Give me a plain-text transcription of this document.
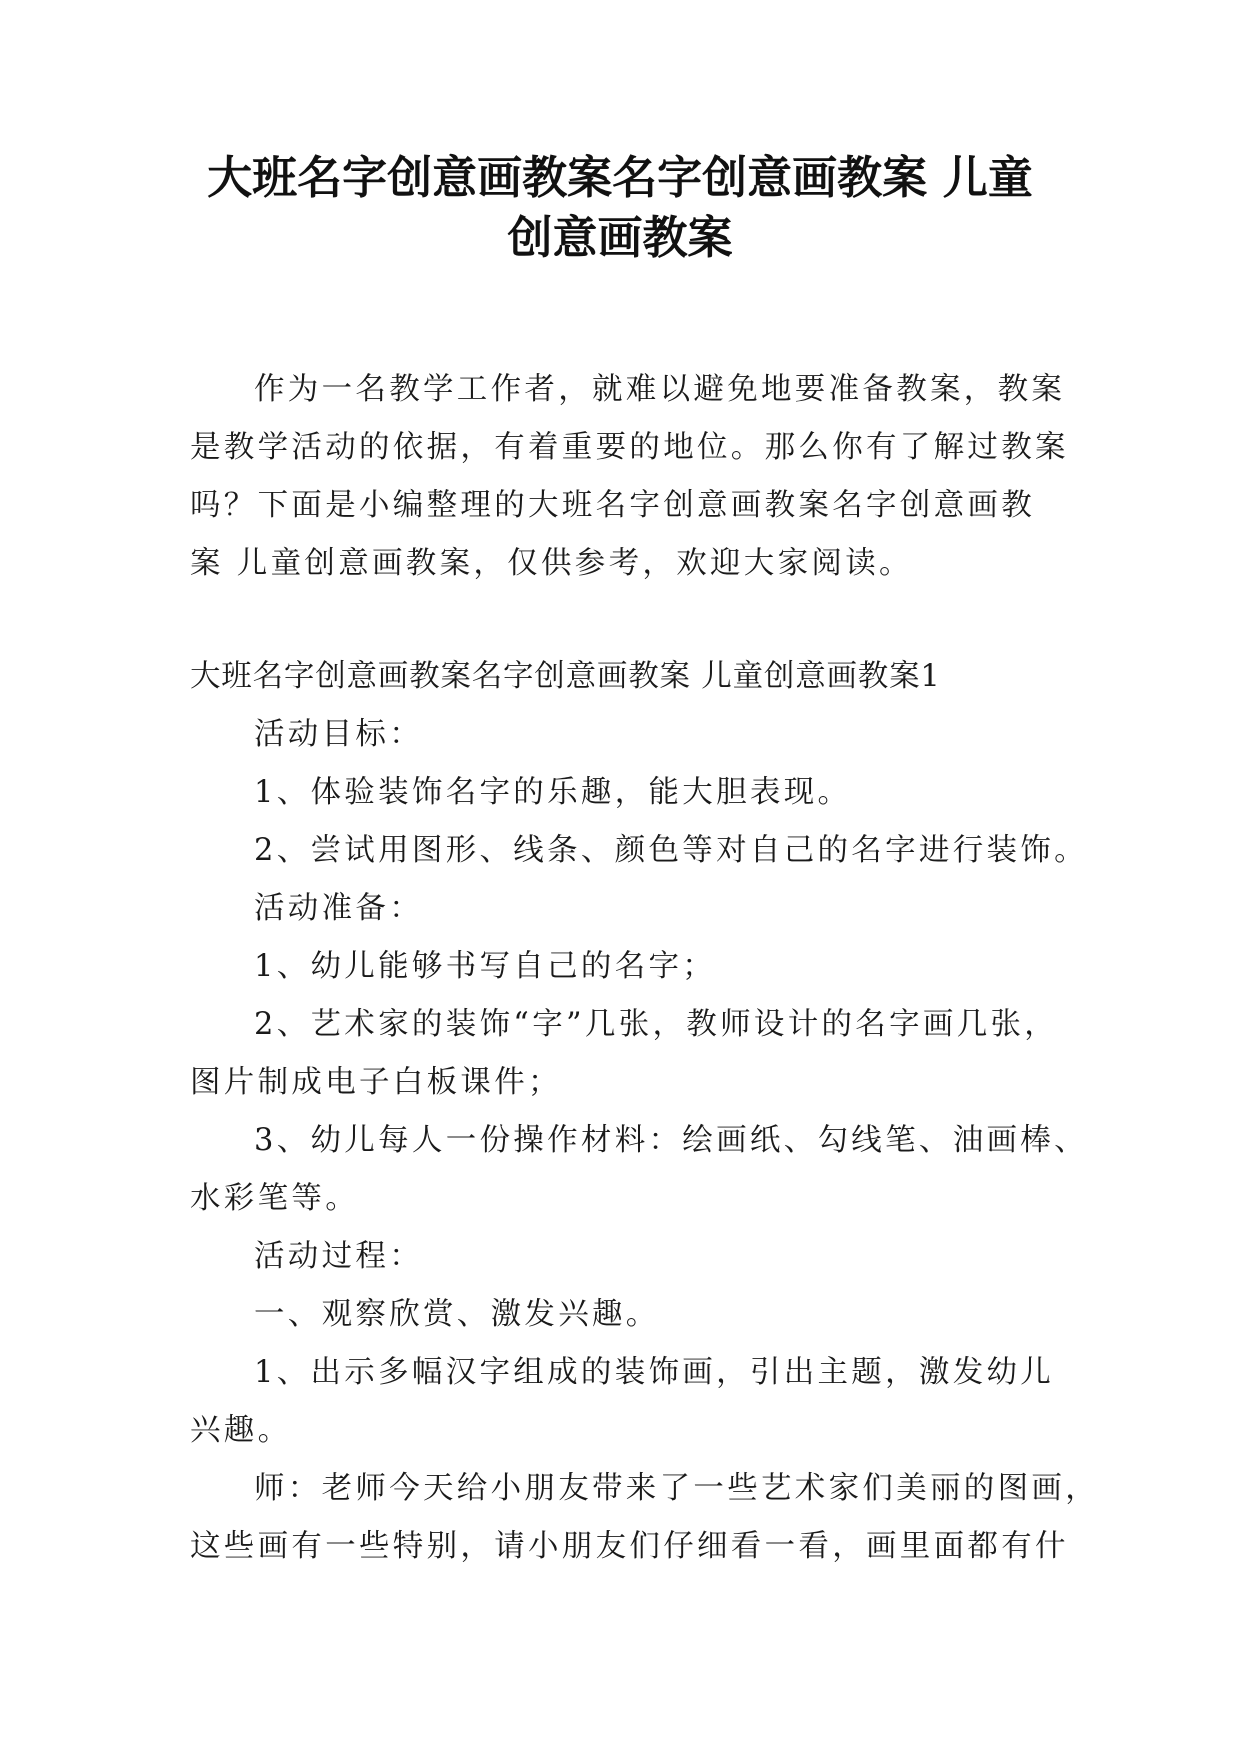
大班名字创意画教案名字创意画教案 儿童
创意画教案

作为一名教学工作者，就难以避免地要准备教案，教案
是教学活动的依据，有着重要的地位。那么你有了解过教案
吗？下面是小编整理的大班名字创意画教案名字创意画教
案 儿童创意画教案，仅供参考，欢迎大家阅读。

大班名字创意画教案名字创意画教案 儿童创意画教案1

活动目标：

1、体验装饰名字的乐趣，能大胆表现。

2、尝试用图形、线条、颜色等对自己的名字进行装饰。

活动准备：

1、幼儿能够书写自己的名字；

2、艺术家的装饰“字”几张，教师设计的名字画几张，
图片制成电子白板课件；

3、幼儿每人一份操作材料：绘画纸、勾线笔、油画棒、
水彩笔等。

活动过程：

一、观察欣赏、激发兴趣。

1、出示多幅汉字组成的装饰画，引出主题，激发幼儿
兴趣。

师：老师今天给小朋友带来了一些艺术家们美丽的图画，
这些画有一些特别，请小朋友们仔细看一看，画里面都有什
